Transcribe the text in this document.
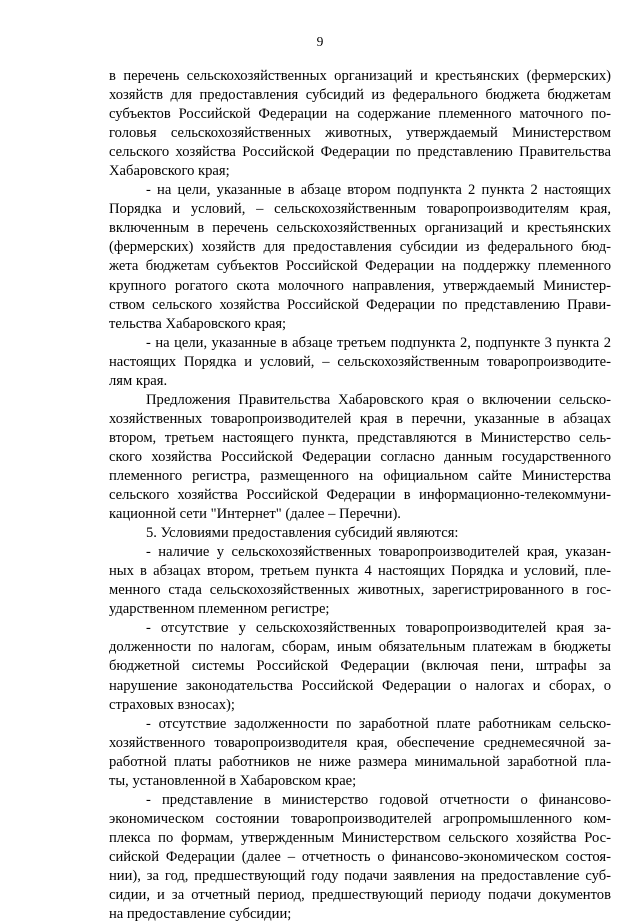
9
в перечень сельскохозяйственных организаций и крестьянских (фермерских)
хозяйств для предоставления субсидий из федерального бюджета бюджетам
субъектов Российской Федерации на содержание племенного маточного по-
головья сельскохозяйственных животных, утверждаемый Министерством
сельского хозяйства Российской Федерации по представлению Правительства
Хабаровского края;
- на цели, указанные в абзаце втором подпункта 2 пункта 2 настоящих
Порядка и условий, – сельскохозяйственным товаропроизводителям края,
включенным в перечень сельскохозяйственных организаций и крестьянских
(фермерских) хозяйств для предоставления субсидии из федерального бюд-
жета бюджетам субъектов Российской Федерации на поддержку племенного
крупного рогатого скота молочного направления, утверждаемый Министер-
ством сельского хозяйства Российской Федерации по представлению Прави-
тельства Хабаровского края;
- на цели, указанные в абзаце третьем подпункта 2, подпункте 3 пункта 2
настоящих Порядка и условий, – сельскохозяйственным товаропроизводите-
лям края.
Предложения Правительства Хабаровского края о включении сельско-
хозяйственных товаропроизводителей края в перечни, указанные в абзацах
втором, третьем настоящего пункта, представляются в Министерство сель-
ского хозяйства Российской Федерации согласно данным государственного
племенного регистра, размещенного на официальном сайте Министерства
сельского хозяйства Российской Федерации в информационно-телекоммуни-
кационной сети "Интернет" (далее – Перечни).
5. Условиями предоставления субсидий являются:
- наличие у сельскохозяйственных товаропроизводителей края, указан-
ных в абзацах втором, третьем пункта 4 настоящих Порядка и условий, пле-
менного стада сельскохозяйственных животных, зарегистрированного в гос-
ударственном племенном регистре;
- отсутствие у сельскохозяйственных товаропроизводителей края за-
долженности по налогам, сборам, иным обязательным платежам в бюджеты
бюджетной системы Российской Федерации (включая пени, штрафы за
нарушение законодательства Российской Федерации о налогах и сборах, о
страховых взносах);
- отсутствие задолженности по заработной плате работникам сельско-
хозяйственного товаропроизводителя края, обеспечение среднемесячной за-
работной платы работников не ниже размера минимальной заработной пла-
ты, установленной в Хабаровском крае;
- представление в министерство годовой отчетности о финансово-
экономическом состоянии товаропроизводителей агропромышленного ком-
плекса по формам, утвержденным Министерством сельского хозяйства Рос-
сийской Федерации (далее – отчетность о финансово-экономическом состоя-
нии), за год, предшествующий году подачи заявления на предоставление суб-
сидии, и за отчетный период, предшествующий периоду подачи документов
на предоставление субсидии;
